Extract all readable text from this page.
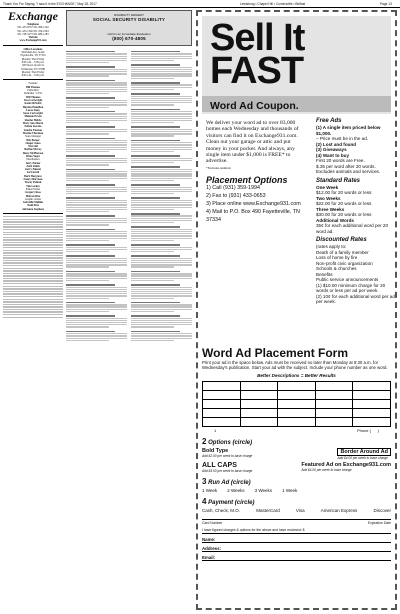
Thank You For Saying, “I saw it in the EXCHANGE,” May 18, 2017	Lewisburg • Chapel Hill • Cornersville • Belfast	Page 13
Exchange
Telephone
931-433-9737 931-968-1144
931-433-1346 931-359-1994
931-728-3273 931-684-1283
Website
www.Exchange931.com
Office Locations
604 Main Ave. South
Fayetteville, TN 37334
Monday Thru Friday
8:00 a.m. - 5:00 p.m.
109 West Lincoln St.
Tullahoma, TN 37388
Monday Thru Friday
8:00 a.m. - 5:00 p.m.
Founder
Bill Thomas
1949-2010
Publisher / CEO
Will Thomas
Lisa Cartwright
Katie McNabb
Hayden Hamilton
Lucas Foley
Steve Cartwright
Melanie Erwin
Sharlot Hubbs
Mary Ann Marsh
Felicia Stevens
Sandra Thomas
Marine Thornton
Sales Manager
Bob Barger
Ginger Jones
Nici Gill
Robbie McCoy
Dusty McPherson
Brian Yager
Distribution
Jerry Parker
Zach Smith
Gerry Painter
Liz Ferrell
Barb Hargrove
Nancy Morrison
Tracey Pollock
Tim Lackey
Editor/Writer
Gregory Ross
Melvon Rice
Graphic Artists
Gabrielle Mullins
Todd Pitts
Adrianna Stephens
DISABILITY DENIED?
SOCIAL SECURITY DISABILITY
Call for an Immediate Evaluation
(800) 670-4805	Sell It
FAST
Word Ad Coupon.
We deliver your word ad to over 83,000 homes each Wednesday and thousands of visitors can find it on Exchange931.com. Clean out your garage or attic and put money in your pocket. And always, any single item under $1,000 is FREE* to advertise.
*Excludes Animals
Placement Options
1) Call (931) 359-1994
2) Fax to (931) 433-0653
3) Place online www.Exchange931.com
4) Mail to P.O. Box 490 Fayetteville, TN 37334
Free Ads
(1) A single item priced below $1,000.
– Price must be in the ad.
(2) Lost and found
(3) Giveaways
(4) Want to buy
First 20 words are Free.
$.35 per word after 20 words.
Excludes animals and services.
Standard Rates
One Week
$12.00 for 20 words or less
Two Weeks
$22.00 for 20 words or less
Three Weeks
$30.00 for 20 words or less
Additional Words
35¢ for each additional word per 20 word ad.
Discounted Rates
(rates apply to:
Death of a family member
Loss of home by fire
Non-profit civic organization
Schools & churches
Benefits
Public service announcements
(1) $10.00 minimum charge for 20 words or less per ad per week.
(2) 10¢ for each additional word per ad per week.
Word Ad Placement Form

Print your ad in the space below. Ads must be received no later than Monday at 9:30 a.m. for Wednesday's publication. Start your ad with the subject. Include your phone number as one word.

Better Descriptions = Better Results
1	Phone ( )
2 Options (circle)
Bold Type
Add $2.00 per week to base charge
Border Around Ad
Add $4.00 per week to base charge
ALL CAPS
Add $4.00 per week to base charge
Featured Ad on Exchange931.com
Add $4.00 per week to base charge
3 Run Ad (circle)
1 Week 2 Weeks 3 Weeks 1 Week
4 Payment (circle)
Cash, Check, M.O.	MasterCard	Visa	American Express	Discover
Card Number	Expiration Date
I have figured charges & options for the above and have enclosed: $
Name:
Address:
Email:
